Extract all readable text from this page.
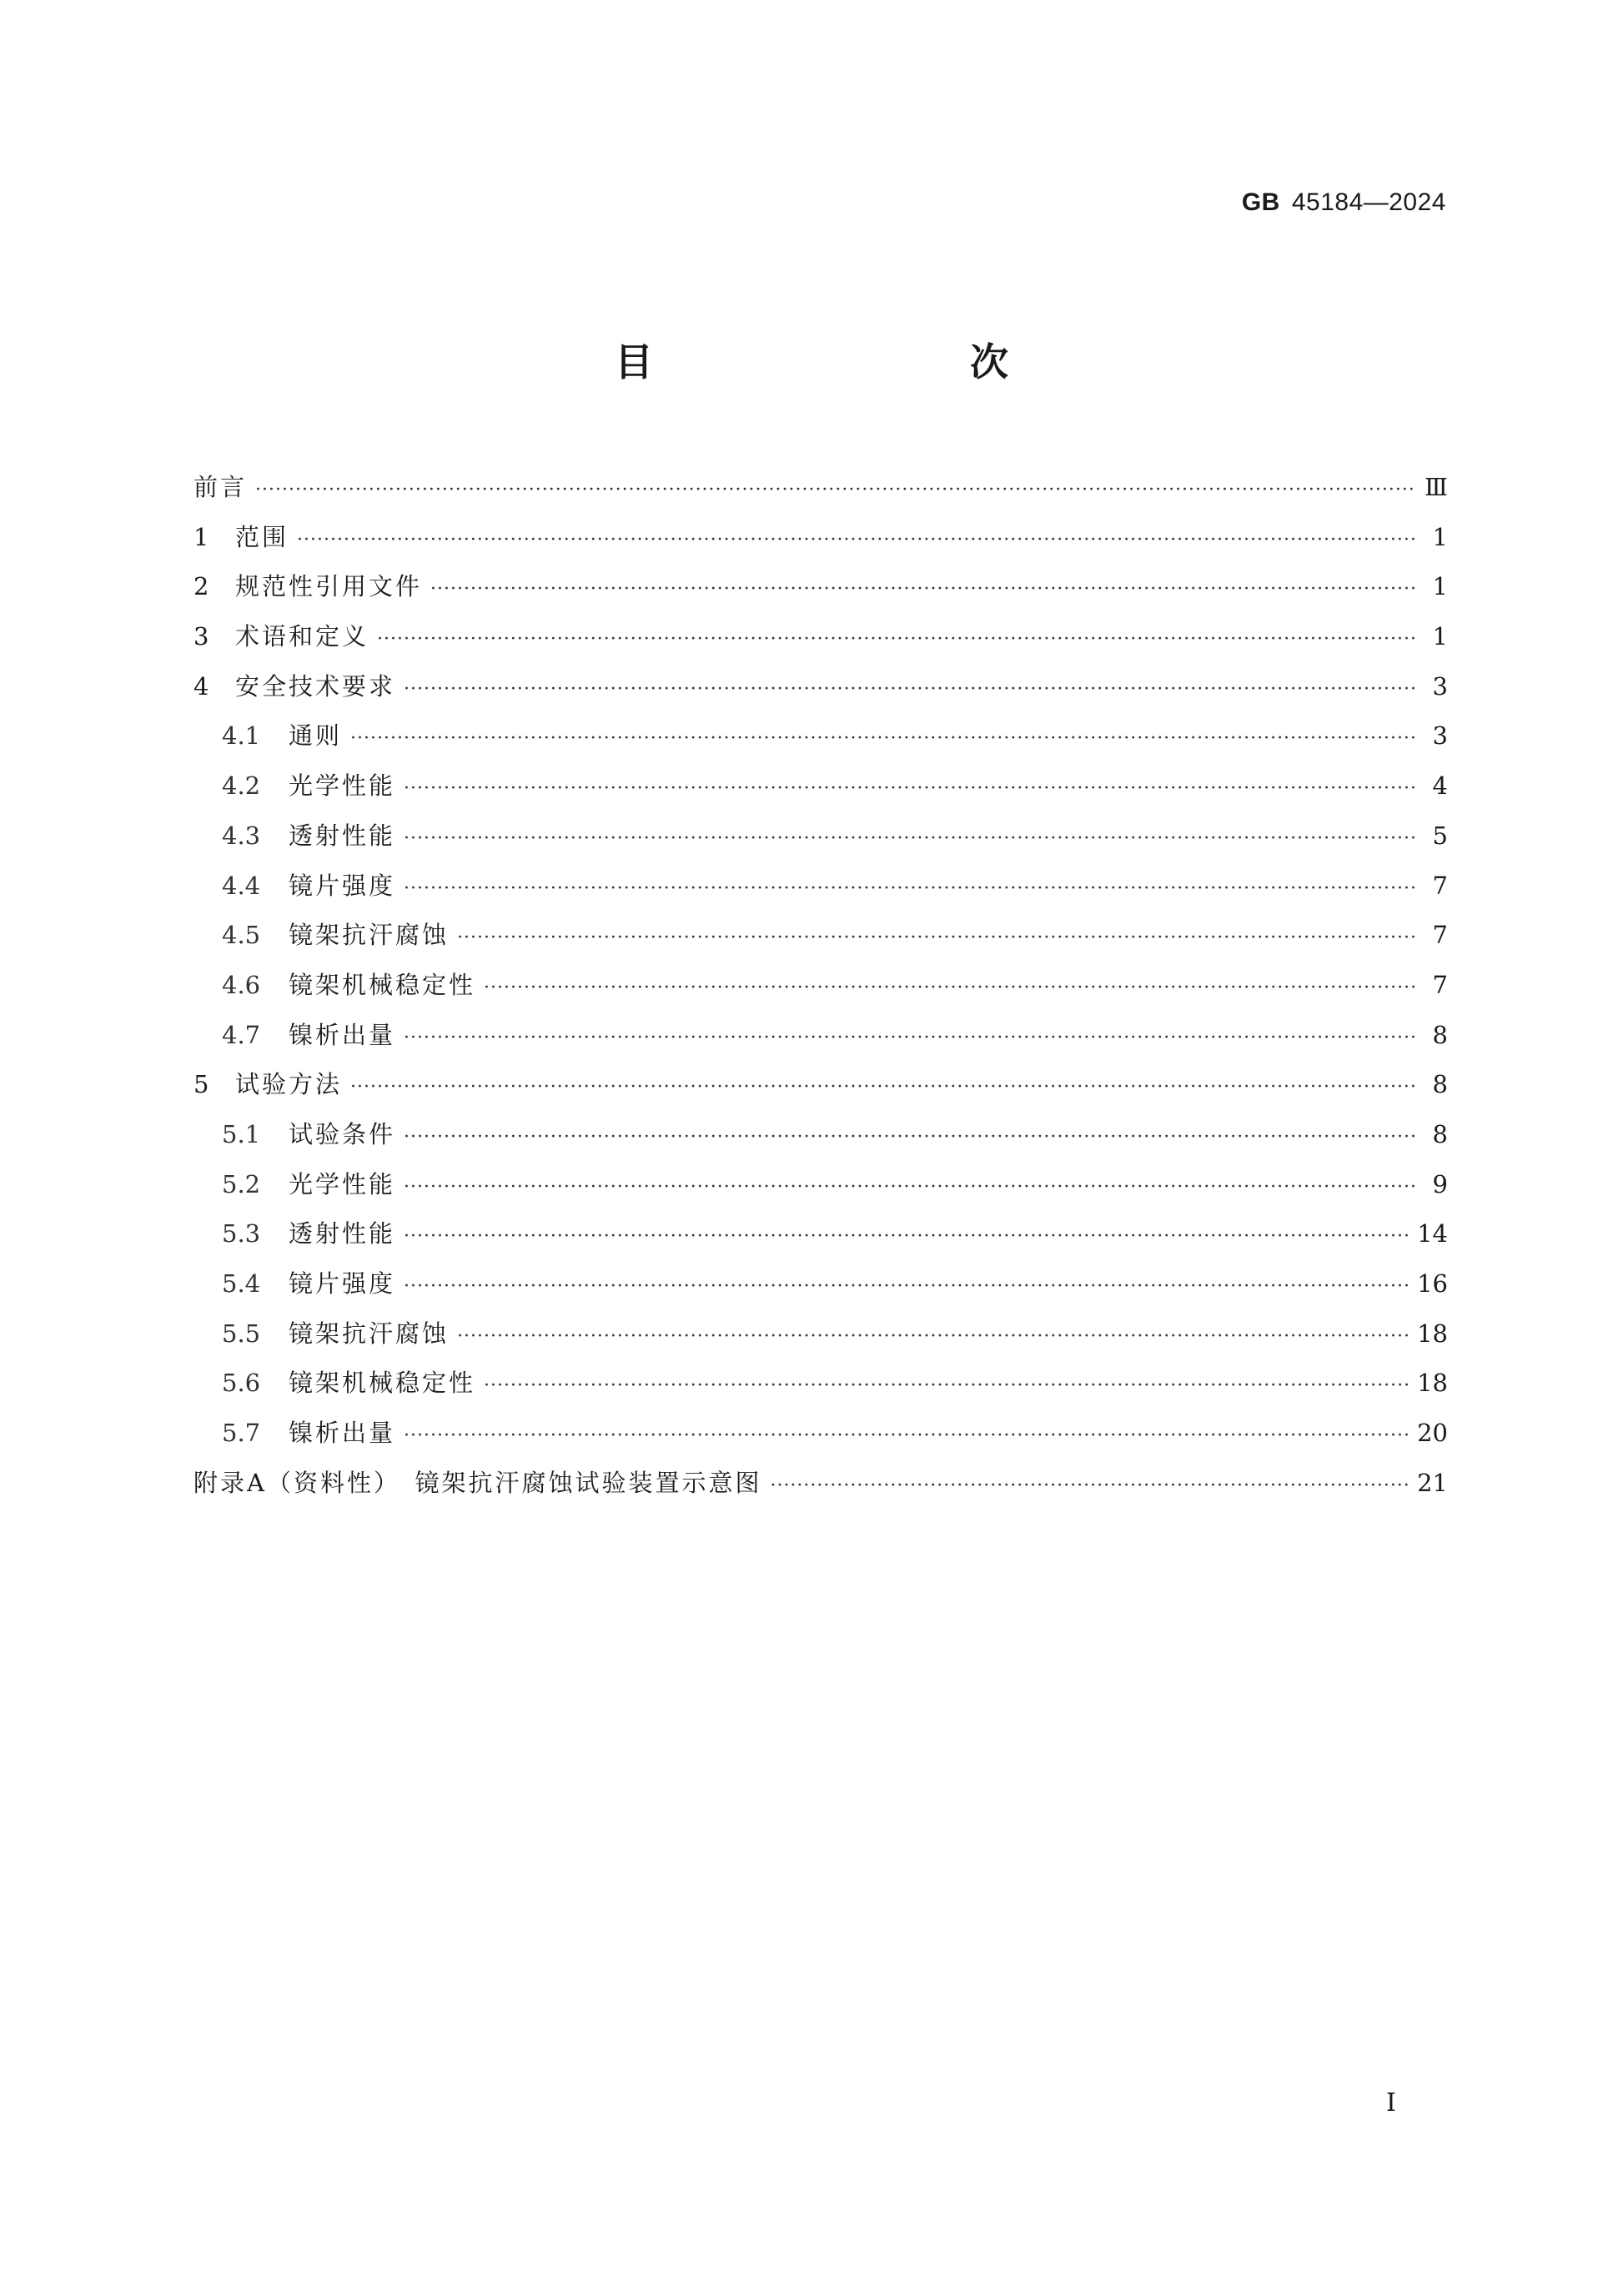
GB 45184—2024
目　　次
前言 ·····	Ⅲ
1	范围 ·····	1
2	规范性引用文件 ·····	1
3	术语和定义 ·····	1
4	安全技术要求 ·····	3
4.1	通则 ·····	3
4.2	光学性能 ·····	4
4.3	透射性能 ·····	5
4.4	镜片强度 ·····	7
4.5	镜架抗汗腐蚀 ·····	7
4.6	镜架机械稳定性 ·····	7
4.7	镍析出量 ·····	8
5	试验方法 ·····	8
5.1	试验条件 ·····	8
5.2	光学性能 ·····	9
5.3	透射性能 ·····	14
5.4	镜片强度 ·····	16
5.5	镜架抗汗腐蚀 ·····	18
5.6	镜架机械稳定性 ·····	18
5.7	镍析出量 ·····	20
附录A（资料性）　镜架抗汗腐蚀试验装置示意图 ·····	21
Ⅰ
